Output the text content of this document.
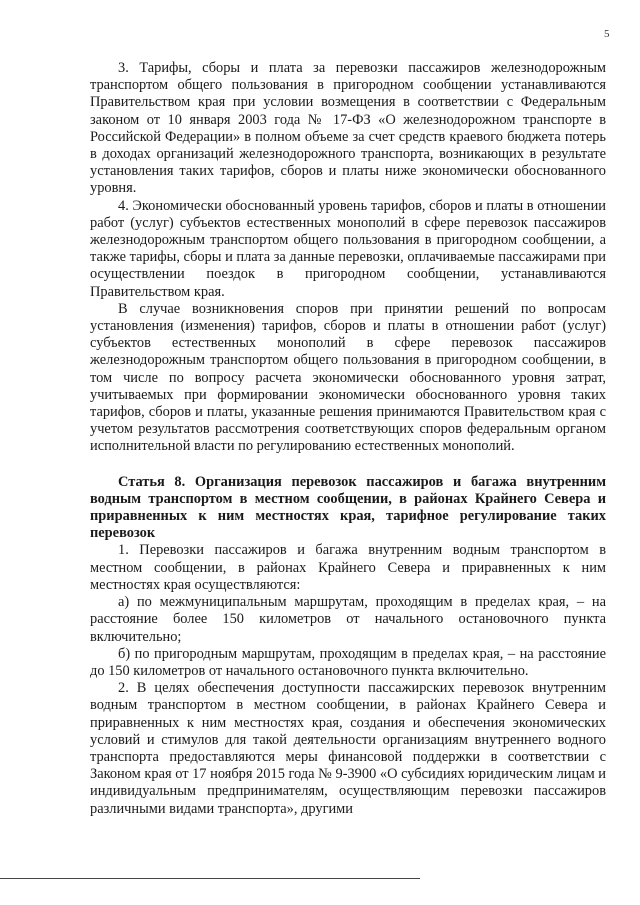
5

3. Тарифы, сборы и плата за перевозки пассажиров железнодорожным транспортом общего пользования в пригородном сообщении устанавливаются Правительством края при условии возмещения в соответствии с Федеральным законом от 10 января 2003 года № 17-ФЗ «О железнодорожном транспорте в Российской Федерации» в полном объеме за счет средств краевого бюджета потерь в доходах организаций железнодорожного транспорта, возникающих в результате установления таких тарифов, сборов и платы ниже экономически обоснованного уровня.

4. Экономически обоснованный уровень тарифов, сборов и платы в отношении работ (услуг) субъектов естественных монополий в сфере перевозок пассажиров железнодорожным транспортом общего пользования в пригородном сообщении, а также тарифы, сборы и плата за данные перевозки, оплачиваемые пассажирами при осуществлении поездок в пригородном сообщении, устанавливаются Правительством края.

В случае возникновения споров при принятии решений по вопросам установления (изменения) тарифов, сборов и платы в отношении работ (услуг) субъектов естественных монополий в сфере перевозок пассажиров железнодорожным транспортом общего пользования в пригородном сообщении, в том числе по вопросу расчета экономически обоснованного уровня затрат, учитываемых при формировании экономически обоснованного уровня таких тарифов, сборов и платы, указанные решения принимаются Правительством края с учетом результатов рассмотрения соответствующих споров федеральным органом исполнительной власти по регулированию естественных монополий.

Статья 8. Организация перевозок пассажиров и багажа внутренним водным транспортом в местном сообщении, в районах Крайнего Севера и приравненных к ним местностях края, тарифное регулирование таких перевозок

1. Перевозки пассажиров и багажа внутренним водным транспортом в местном сообщении, в районах Крайнего Севера и приравненных к ним местностях края осуществляются:

а) по межмуниципальным маршрутам, проходящим в пределах края, – на расстояние более 150 километров от начального остановочного пункта включительно;

б) по пригородным маршрутам, проходящим в пределах края, – на расстояние до 150 километров от начального остановочного пункта включительно.

2. В целях обеспечения доступности пассажирских перевозок внутренним водным транспортом в местном сообщении, в районах Крайнего Севера и приравненных к ним местностях края, создания и обеспечения экономических условий и стимулов для такой деятельности организациям внутреннего водного транспорта предоставляются меры финансовой поддержки в соответствии с Законом края от 17 ноября 2015 года № 9-3900 «О субсидиях юридическим лицам и индивидуальным предпринимателям, осуществляющим перевозки пассажиров различными видами транспорта», другими
